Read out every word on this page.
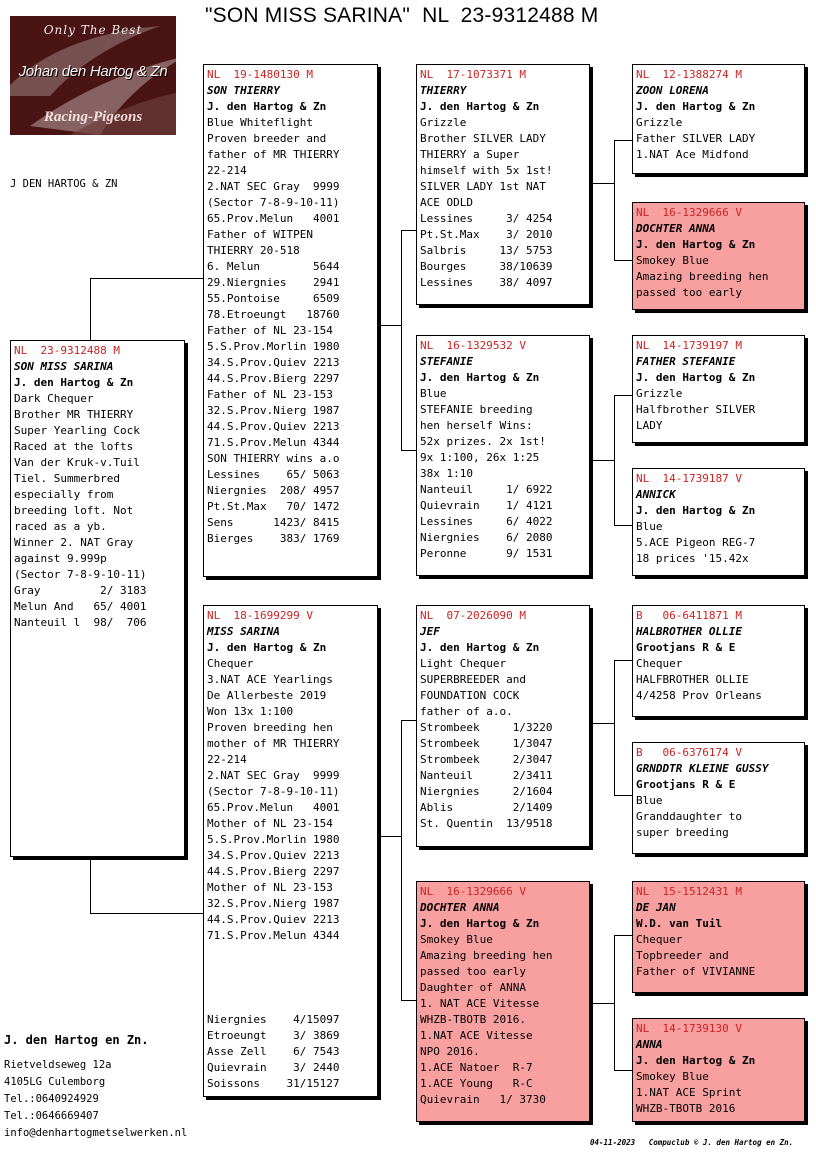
"SON MISS SARINA"  NL  23-9312488 M
Only The Best
Johan den Hartog & Zn
Racing-Pigeons
J DEN HARTOG & ZN
NL  23-9312488 M
SON MISS SARINA
J. den Hartog & Zn
Dark Chequer
Brother MR THIERRY
Super Yearling Cock
Raced at the lofts
Van der Kruk-v.Tuil
Tiel. Summerbred
especially from
breeding loft. Not
raced as a yb.
Winner 2. NAT Gray
against 9.999p
(Sector 7-8-9-10-11)
Gray         2/ 3183
Melun And   65/ 4001
Nanteuil l  98/  706
NL  19-1480130 M
SON THIERRY
J. den Hartog & Zn
Blue Whiteflight
Proven breeder and
father of MR THIERRY
22-214
2.NAT SEC Gray  9999
(Sector 7-8-9-10-11)
65.Prov.Melun   4001
Father of WITPEN
THIERRY 20-518
6. Melun        5644
29.Niergnies    2941
55.Pontoise     6509
78.Etroeungt   18760
Father of NL 23-154
5.S.Prov.Morlin 1980
34.S.Prov.Quiev 2213
44.S.Prov.Bierg 2297
Father of NL 23-153
32.S.Prov.Nierg 1987
44.S.Prov.Quiev 2213
71.S.Prov.Melun 4344
SON THIERRY wins a.o
Lessines    65/ 5063
Niergnies  208/ 4957
Pt.St.Max   70/ 1472
Sens      1423/ 8415
Bierges    383/ 1769
NL  18-1699299 V
MISS SARINA
J. den Hartog & Zn
Chequer
3.NAT ACE Yearlings
De Allerbeste 2019
Won 13x 1:100
Proven breeding hen
mother of MR THIERRY
22-214
2.NAT SEC Gray  9999
(Sector 7-8-9-10-11)
65.Prov.Melun   4001
Mother of NL 23-154
5.S.Prov.Morlin 1980
34.S.Prov.Quiev 2213
44.S.Prov.Bierg 2297
Mother of NL 23-153
32.S.Prov.Nierg 1987
44.S.Prov.Quiev 2213
71.S.Prov.Melun 4344
Niergnies    4/15097
Etroeungt    3/ 3869
Asse Zell    6/ 7543
Quievrain    3/ 2440
Soissons    31/15127
NL  17-1073371 M
THIERRY
J. den Hartog & Zn
Grizzle
Brother SILVER LADY
THIERRY a Super
himself with 5x 1st!
SILVER LADY 1st NAT
ACE ODLD
Lessines     3/ 4254
Pt.St.Max    3/ 2010
Salbris     13/ 5753
Bourges     38/10639
Lessines    38/ 4097
NL  16-1329532 V
STEFANIE
J. den Hartog & Zn
Blue
STEFANIE breeding
hen herself Wins:
52x prizes. 2x 1st!
9x 1:100, 26x 1:25
38x 1:10
Nanteuil     1/ 6922
Quievrain    1/ 4121
Lessines     6/ 4022
Niergnies    6/ 2080
Peronne      9/ 1531
NL  07-2026090 M
JEF
J. den Hartog & Zn
Light Chequer
SUPERBREEDER and
FOUNDATION COCK
father of a.o.
Strombeek     1/3220
Strombeek     1/3047
Strombeek     2/3047
Nanteuil      2/3411
Niergnies     2/1604
Ablis         2/1409
St. Quentin  13/9518
NL  16-1329666 V
DOCHTER ANNA
J. den Hartog & Zn
Smokey Blue
Amazing breeding hen
passed too early
Daughter of ANNA
1. NAT ACE Vitesse
WHZB-TBOTB 2016.
1.NAT ACE Vitesse
NPO 2016.
1.ACE Natoer  R-7
1.ACE Young   R-C
Quievrain   1/ 3730
NL  12-1388274 M
ZOON LORENA
J. den Hartog & Zn
Grizzle
Father SILVER LADY
1.NAT Ace Midfond
NL  16-1329666 V
DOCHTER ANNA
J. den Hartog & Zn
Smokey Blue
Amazing breeding hen
passed too early
NL  14-1739197 M
FATHER STEFANIE
J. den Hartog & Zn
Grizzle
Halfbrother SILVER
LADY
NL  14-1739187 V
ANNICK
J. den Hartog & Zn
Blue
5.ACE Pigeon REG-7
18 prices '15.42x
B   06-6411871 M
HALBROTHER OLLIE
Grootjans R & E
Chequer
HALFBROTHER OLLIE
4/4258 Prov Orleans
B   06-6376174 V
GRNDDTR KLEINE GUSSY
Grootjans R & E
Blue
Granddaughter to
super breeding
NL  15-1512431 M
DE JAN
W.D. van Tuil
Chequer
Topbreeder and
Father of VIVIANNE
NL  14-1739130 V
ANNA
J. den Hartog & Zn
Smokey Blue
1.NAT ACE Sprint
WHZB-TBOTB 2016
J. den Hartog en Zn.
Rietveldseweg 12a
4105LG Culemborg
Tel.:0640924929
Tel.:0646669407
info@denhartogmetselwerken.nl
04-11-2023   Compuclub © J. den Hartog en Zn.
